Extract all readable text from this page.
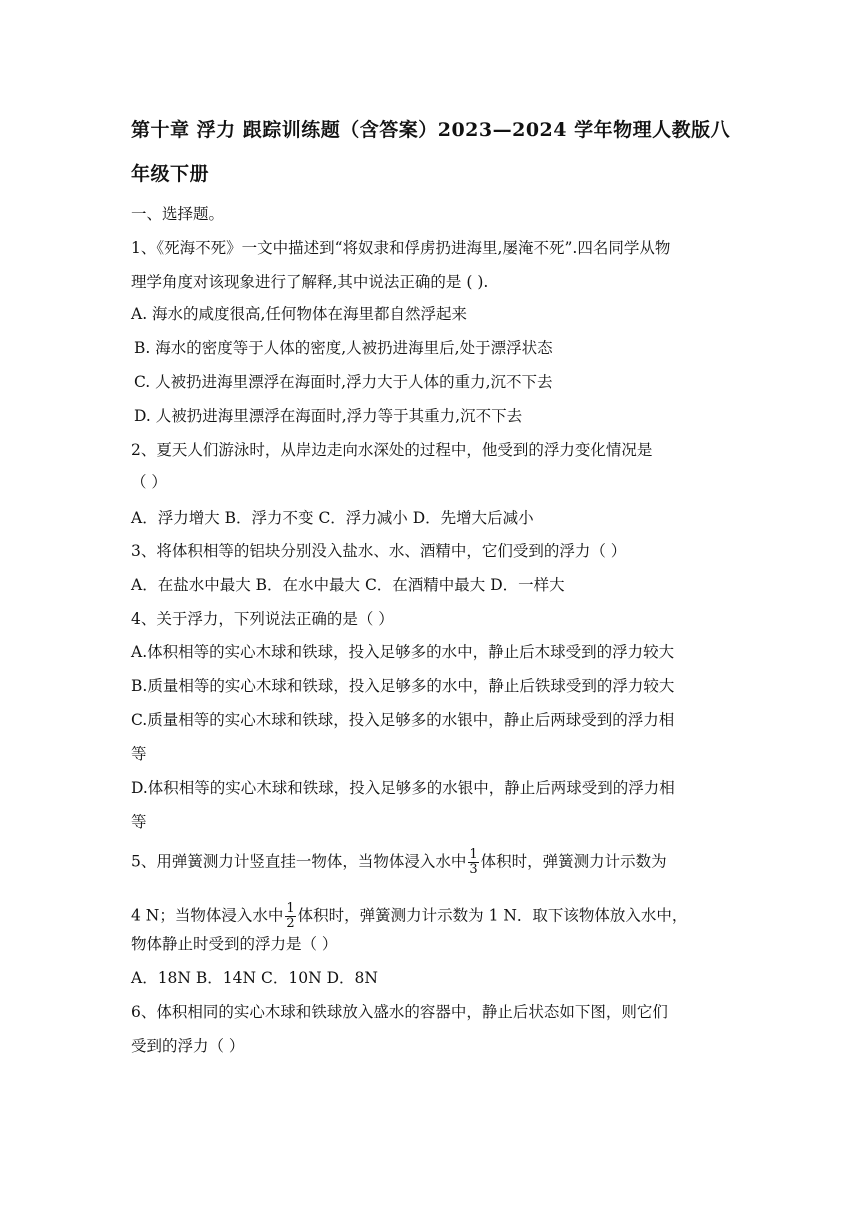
第十章 浮力 跟踪训练题（含答案）2023—2024 学年物理人教版八
年级下册
一、选择题。
1、《死海不死》一文中描述到“将奴隶和俘虏扔进海里,屡淹不死”.四名同学从物
理学角度对该现象进行了解释,其中说法正确的是 ( ).
A. 海水的咸度很高,任何物体在海里都自然浮起来
B. 海水的密度等于人体的密度,人被扔进海里后,处于漂浮状态
C. 人被扔进海里漂浮在海面时,浮力大于人体的重力,沉不下去
D. 人被扔进海里漂浮在海面时,浮力等于其重力,沉不下去
2、夏天人们游泳时，从岸边走向水深处的过程中，他受到的浮力变化情况是
（ ）
A．浮力增大 B．浮力不变 C．浮力减小 D．先增大后减小
3、将体积相等的铝块分别没入盐水、水、酒精中，它们受到的浮力（ ）
A．在盐水中最大 B．在水中最大 C．在酒精中最大 D．一样大
4、关于浮力，下列说法正确的是（ ）
A.体积相等的实心木球和铁球，投入足够多的水中，静止后木球受到的浮力较大
B.质量相等的实心木球和铁球，投入足够多的水中，静止后铁球受到的浮力较大
C.质量相等的实心木球和铁球，投入足够多的水银中，静止后两球受到的浮力相
等
D.体积相等的实心木球和铁球，投入足够多的水银中，静止后两球受到的浮力相
等
5、用弹簧测力计竖直挂一物体，当物体浸入水中 $\frac{1}{3}$ 体积时，弹簧测力计示数为
4 N；当物体浸入水中 $\frac{1}{2}$ 体积时，弹簧测力计示数为 1 N．取下该物体放入水中，
物体静止时受到的浮力是（ ）
A．18N B．14N C．10N D．8N
6、体积相同的实心木球和铁球放入盛水的容器中，静止后状态如下图，则它们
受到的浮力（ ）
